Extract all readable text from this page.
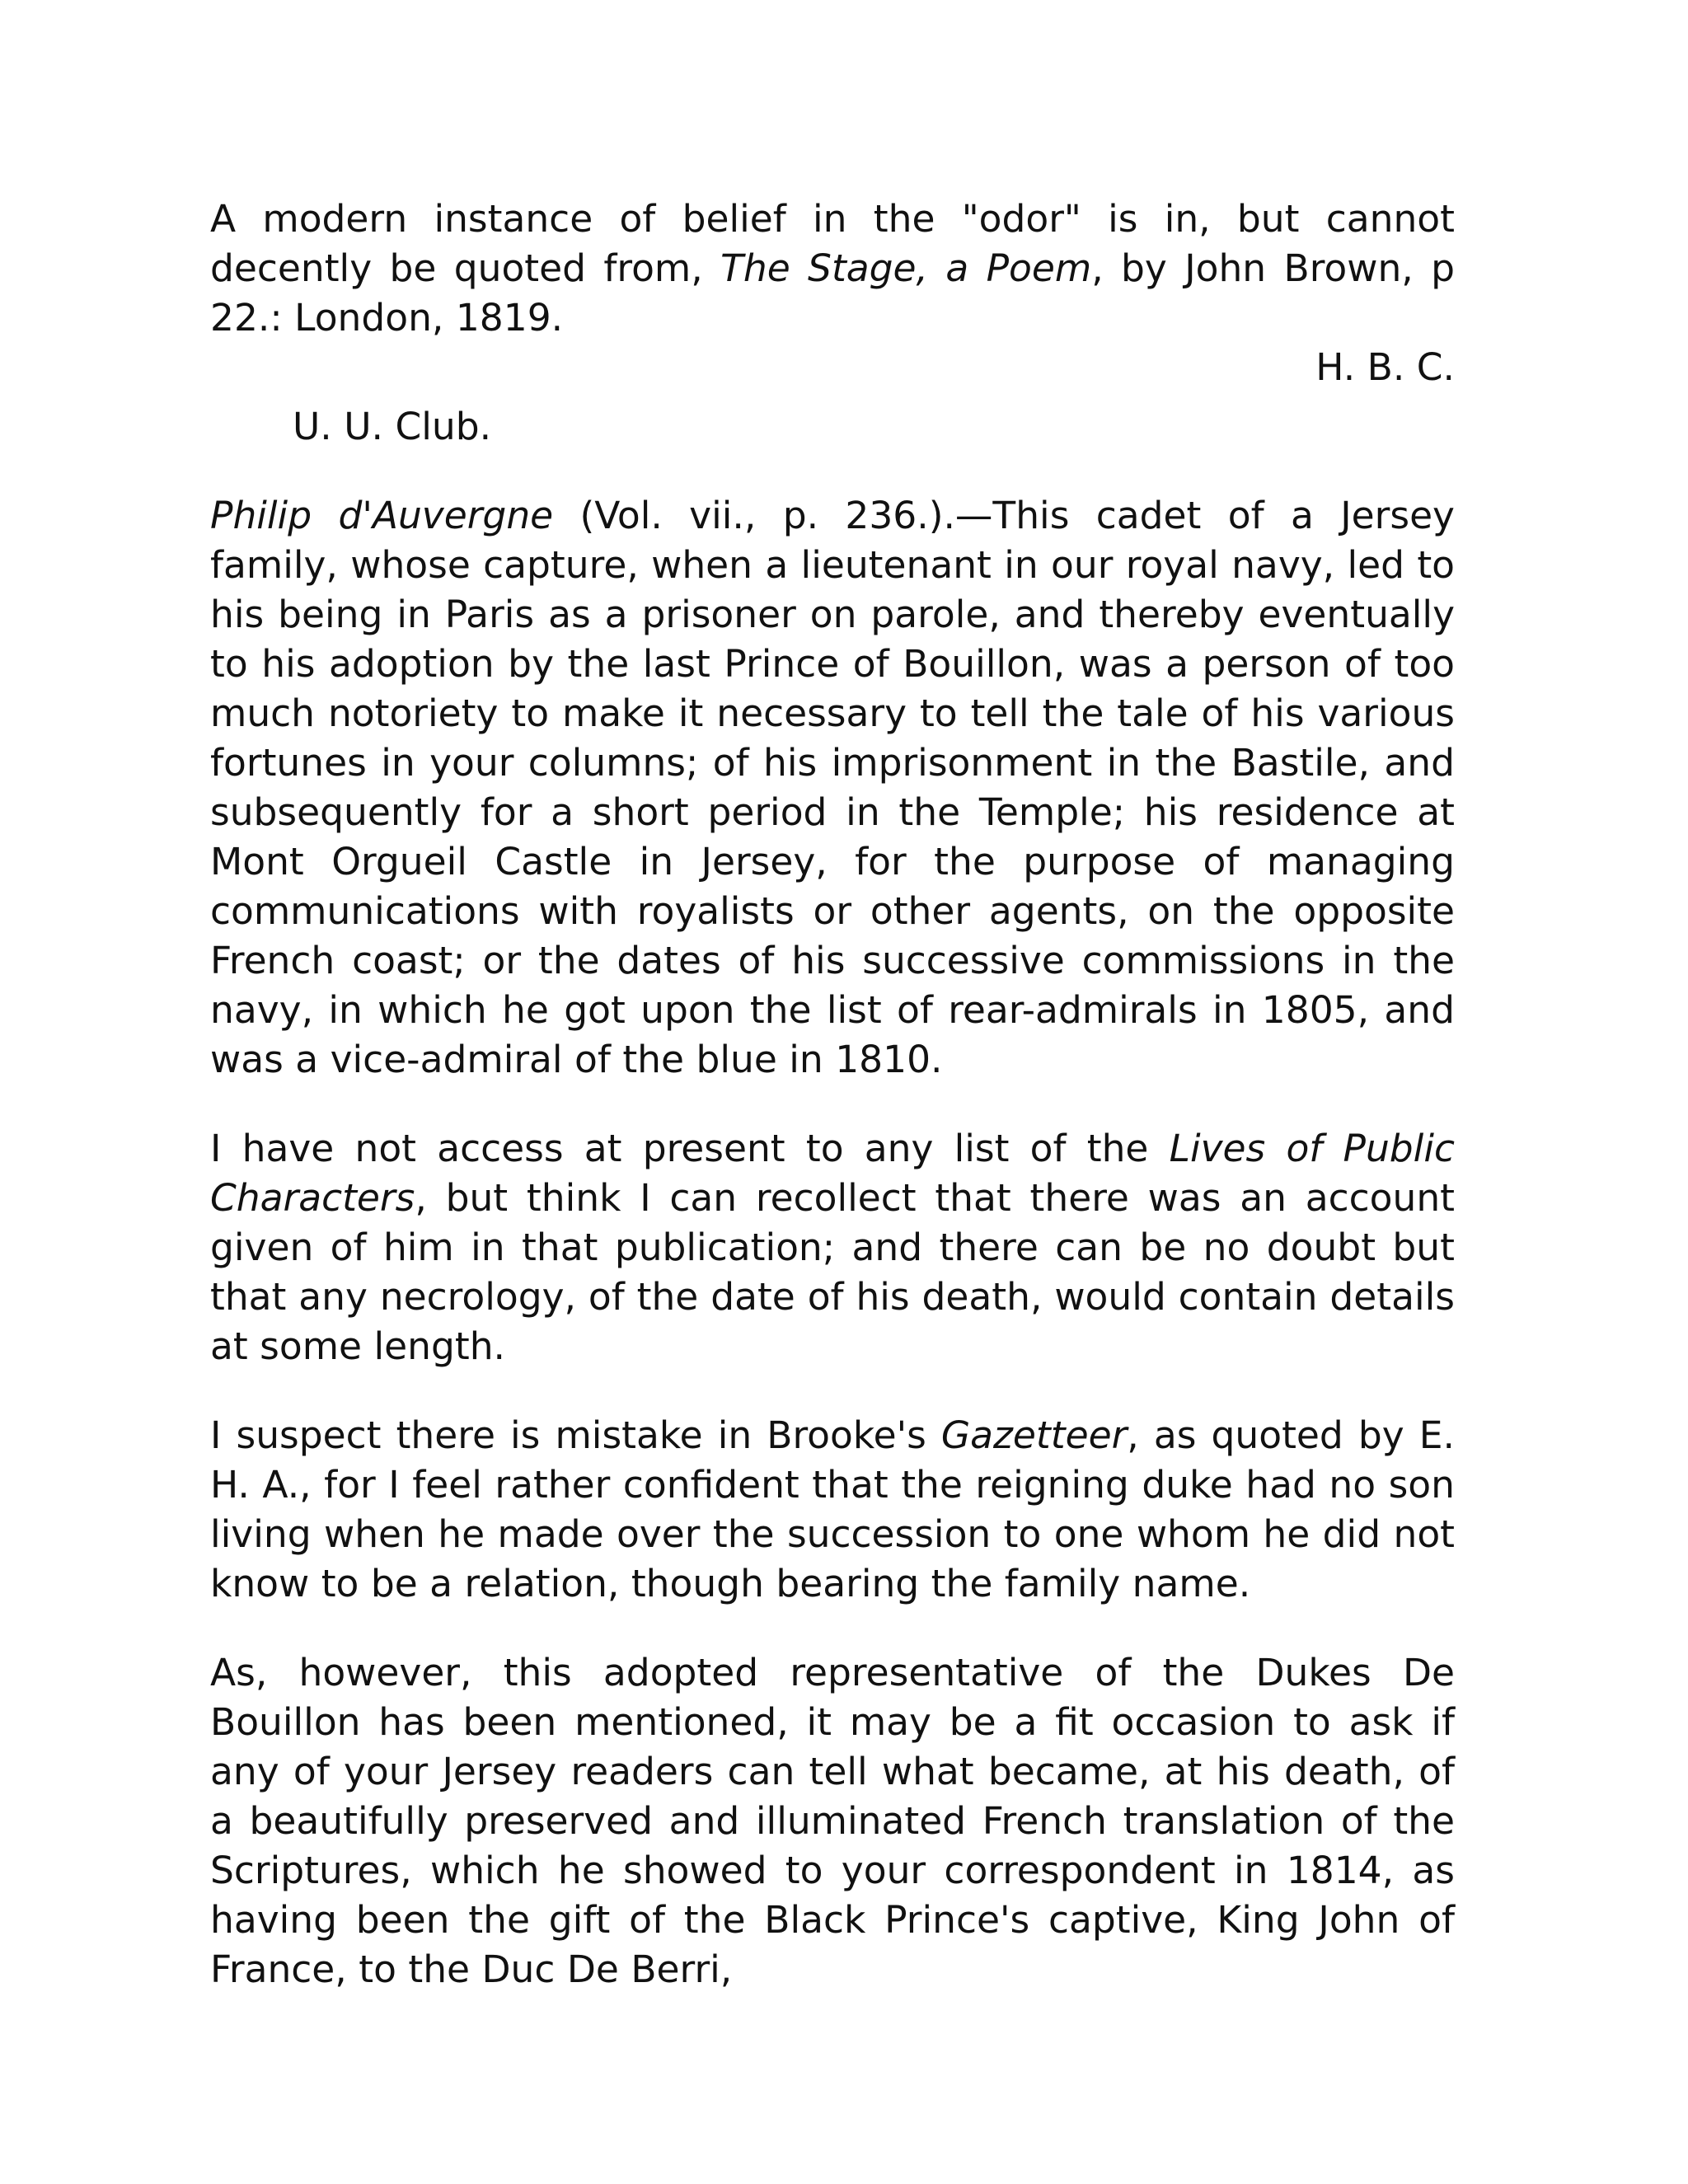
A modern instance of belief in the "odor" is in, but cannot decently be quoted from, The Stage, a Poem, by John Brown, p 22.: London, 1819.

H. B. C.

U. U. Club.

Philip d'Auvergne (Vol. vii., p. 236.).—This cadet of a Jersey family, whose capture, when a lieutenant in our royal navy, led to his being in Paris as a prisoner on parole, and thereby eventually to his adoption by the last Prince of Bouillon, was a person of too much notoriety to make it necessary to tell the tale of his various fortunes in your columns; of his imprisonment in the Bastile, and subsequently for a short period in the Temple; his residence at Mont Orgueil Castle in Jersey, for the purpose of managing communications with royalists or other agents, on the opposite French coast; or the dates of his successive commissions in the navy, in which he got upon the list of rear-admirals in 1805, and was a vice-admiral of the blue in 1810.

I have not access at present to any list of the Lives of Public Characters, but think I can recollect that there was an account given of him in that publication; and there can be no doubt but that any necrology, of the date of his death, would contain details at some length.

I suspect there is mistake in Brooke's Gazetteer, as quoted by E. H. A., for I feel rather confident that the reigning duke had no son living when he made over the succession to one whom he did not know to be a relation, though bearing the family name.

As, however, this adopted representative of the Dukes De Bouillon has been mentioned, it may be a fit occasion to ask if any of your Jersey readers can tell what became, at his death, of a beautifully preserved and illuminated French translation of the Scriptures, which he showed to your correspondent in 1814, as having been the gift of the Black Prince's captive, King John of France, to the Duc De Berri,
